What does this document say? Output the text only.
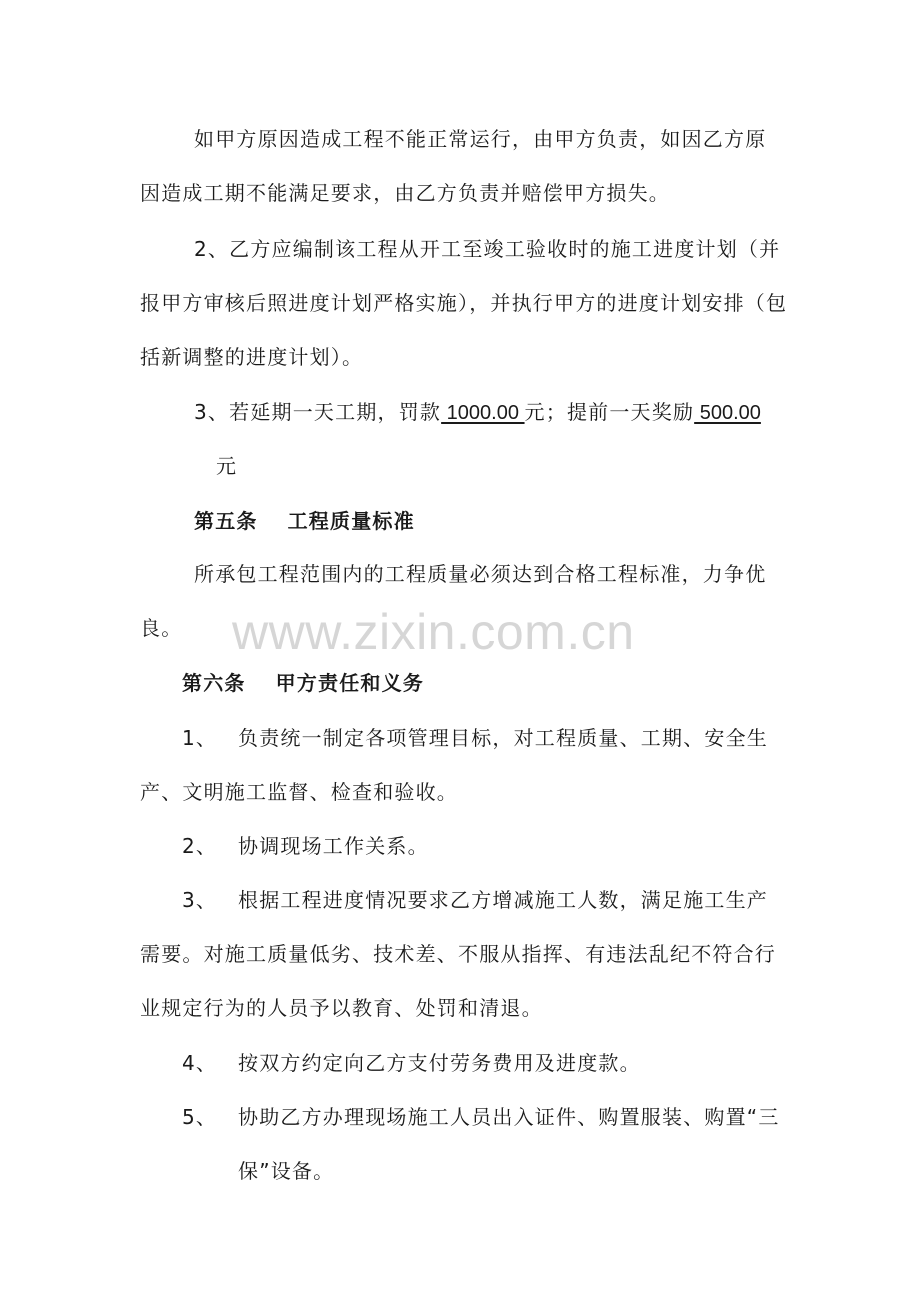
如甲方原因造成工程不能正常运行，由甲方负责，如因乙方原
因造成工期不能满足要求，由乙方负责并赔偿甲方损失。
2、乙方应编制该工程从开工至竣工验收时的施工进度计划（并
报甲方审核后照进度计划严格实施），并执行甲方的进度计划安排（包
括新调整的进度计划）。
3、若延期一天工期，罚款 1000.00 元；提前一天奖励 500.00
元
第五条 工程质量标准
所承包工程范围内的工程质量必须达到合格工程标准，力争优
良。 www.zixin.com.cn
第六条 甲方责任和义务
1、 负责统一制定各项管理目标，对工程质量、工期、安全生
产、文明施工监督、检查和验收。
2、 协调现场工作关系。
3、 根据工程进度情况要求乙方增减施工人数，满足施工生产
需要。对施工质量低劣、技术差、不服从指挥、有违法乱纪不符合行
业规定行为的人员予以教育、处罚和清退。
4、 按双方约定向乙方支付劳务费用及进度款。
5、 协助乙方办理现场施工人员出入证件、购置服装、购置“三
保”设备。
